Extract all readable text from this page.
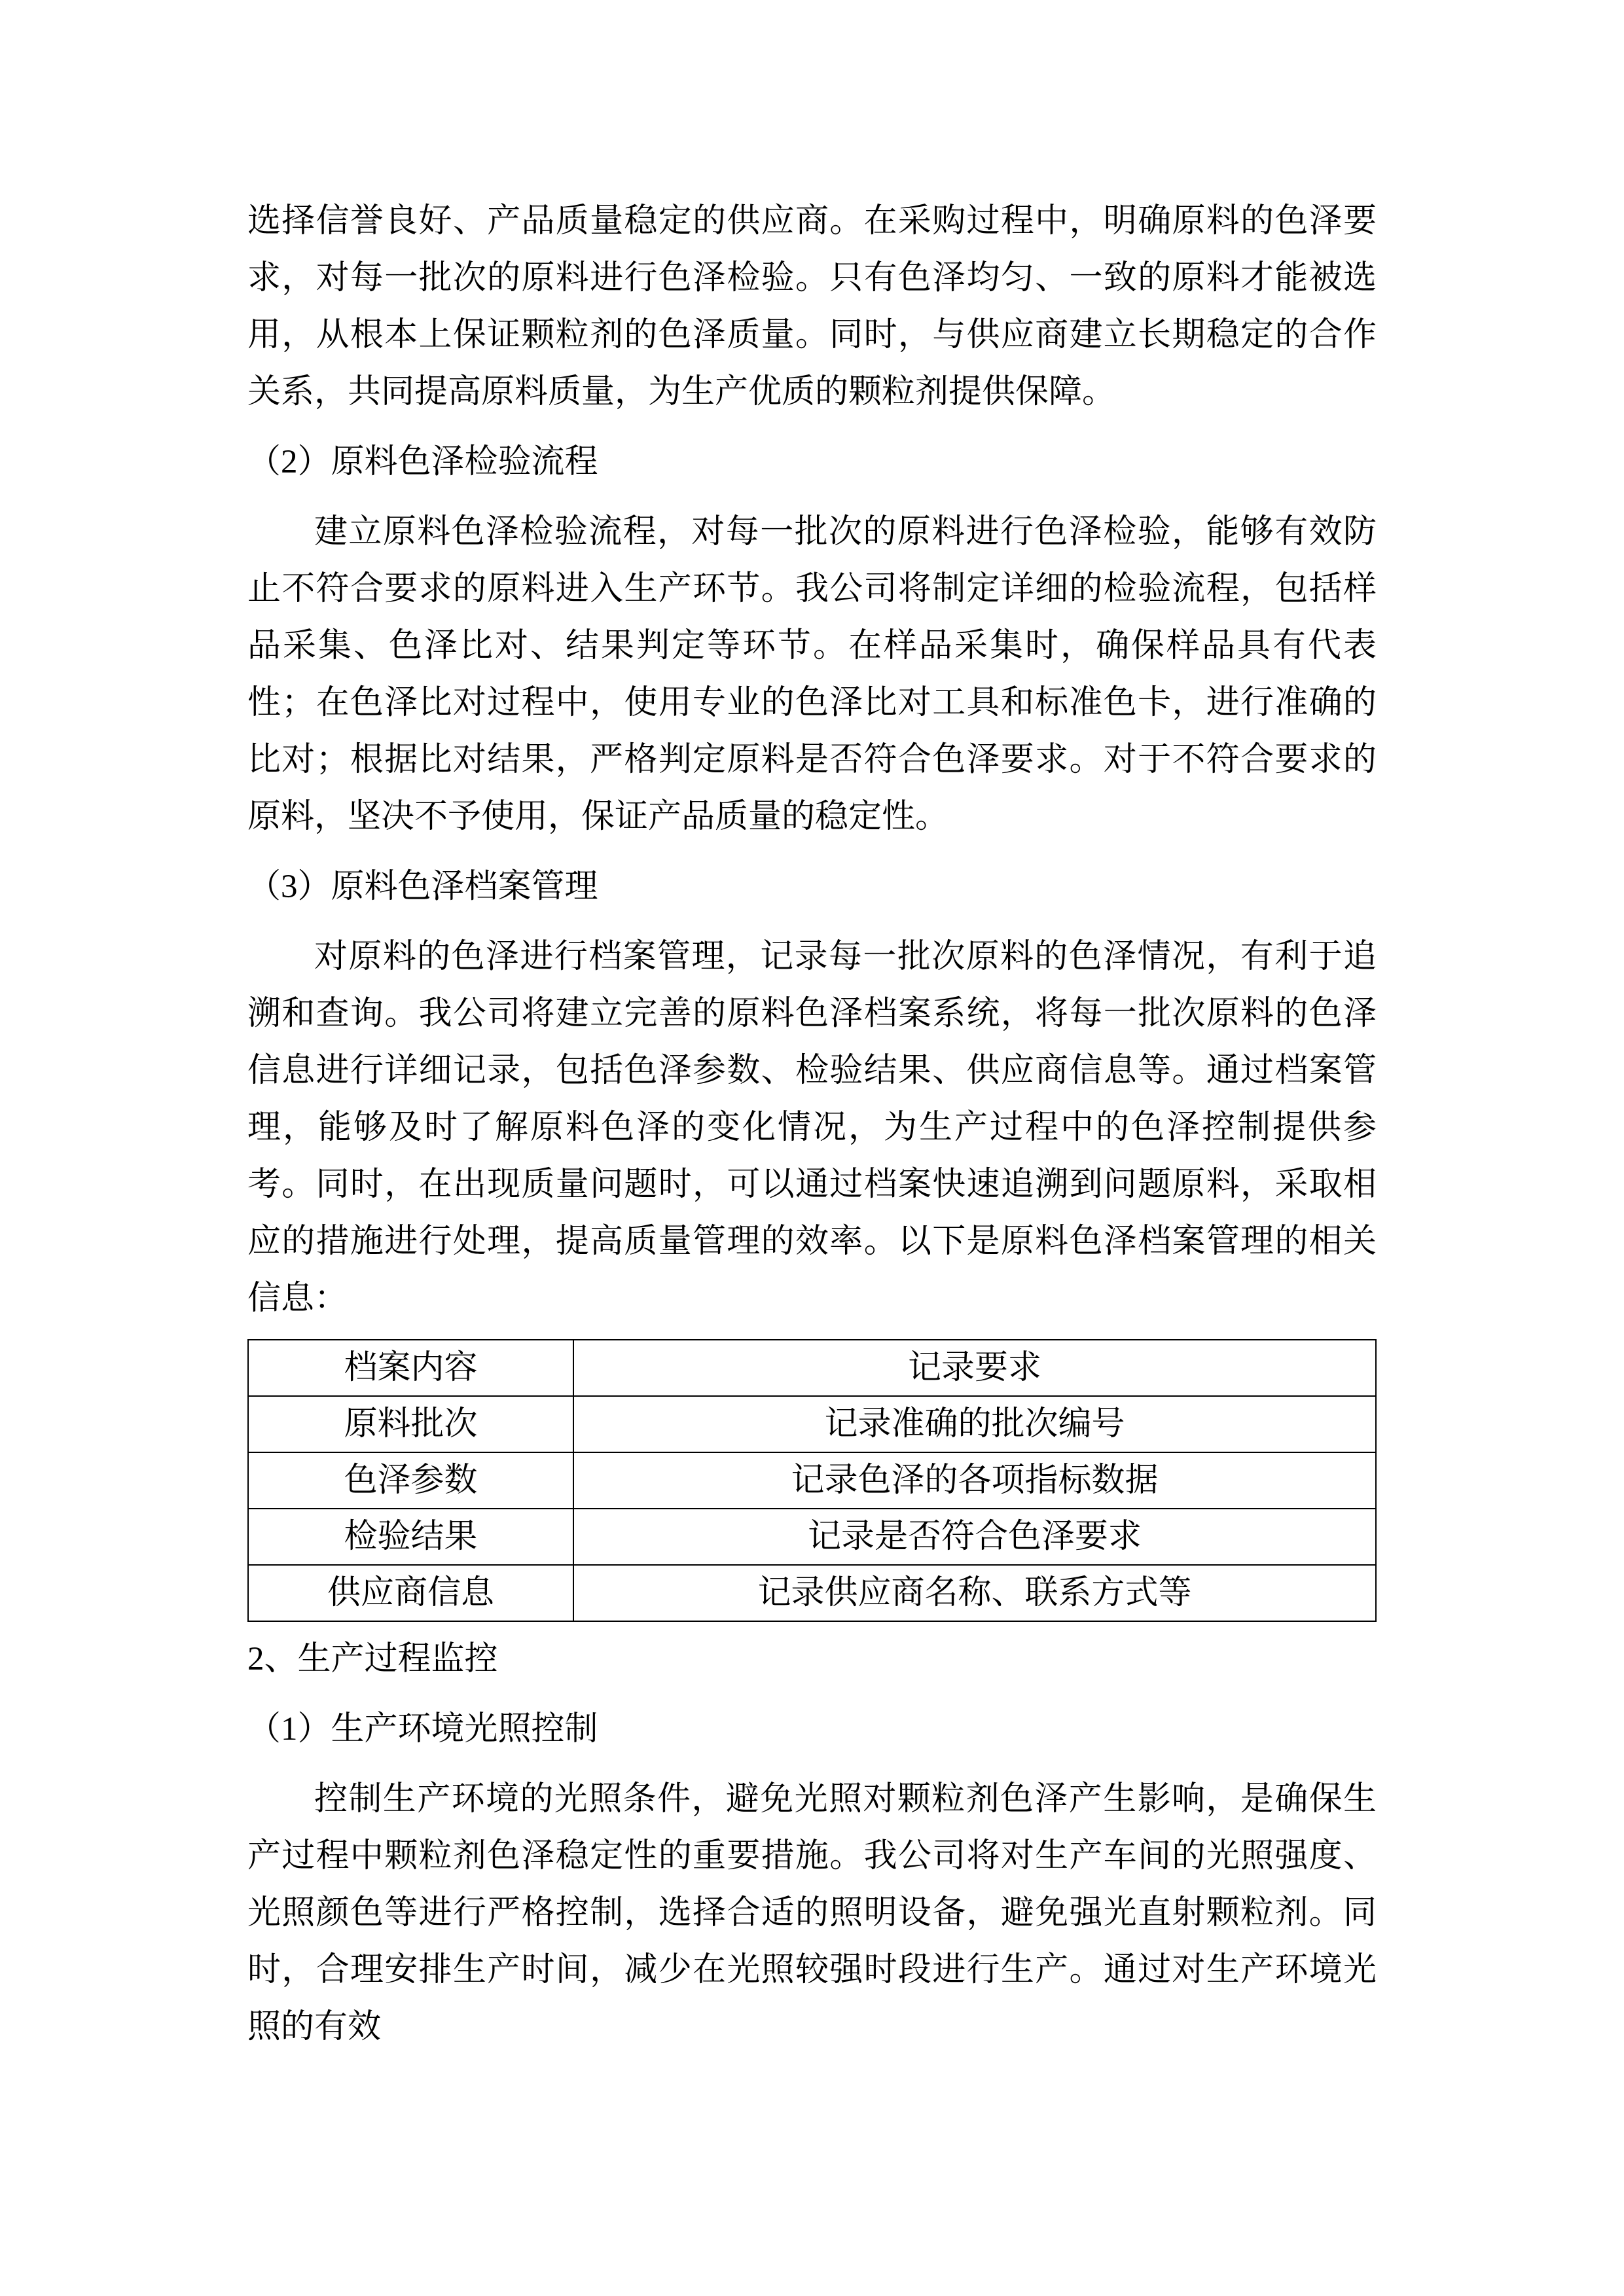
选择信誉良好、产品质量稳定的供应商。在采购过程中，明确原料的色泽要求，对每一批次的原料进行色泽检验。只有色泽均匀、一致的原料才能被选用，从根本上保证颗粒剂的色泽质量。同时，与供应商建立长期稳定的合作关系，共同提高原料质量，为生产优质的颗粒剂提供保障。

（2）原料色泽检验流程

建立原料色泽检验流程，对每一批次的原料进行色泽检验，能够有效防止不符合要求的原料进入生产环节。我公司将制定详细的检验流程，包括样品采集、色泽比对、结果判定等环节。在样品采集时，确保样品具有代表性；在色泽比对过程中，使用专业的色泽比对工具和标准色卡，进行准确的比对；根据比对结果，严格判定原料是否符合色泽要求。对于不符合要求的原料，坚决不予使用，保证产品质量的稳定性。

（3）原料色泽档案管理

对原料的色泽进行档案管理，记录每一批次原料的色泽情况，有利于追溯和查询。我公司将建立完善的原料色泽档案系统，将每一批次原料的色泽信息进行详细记录，包括色泽参数、检验结果、供应商信息等。通过档案管理，能够及时了解原料色泽的变化情况，为生产过程中的色泽控制提供参考。同时，在出现质量问题时，可以通过档案快速追溯到问题原料，采取相应的措施进行处理，提高质量管理的效率。以下是原料色泽档案管理的相关信息：

档案内容	记录要求
原料批次	记录准确的批次编号
色泽参数	记录色泽的各项指标数据
检验结果	记录是否符合色泽要求
供应商信息	记录供应商名称、联系方式等

2、生产过程监控

（1）生产环境光照控制

控制生产环境的光照条件，避免光照对颗粒剂色泽产生影响，是确保生产过程中颗粒剂色泽稳定性的重要措施。我公司将对生产车间的光照强度、光照颜色等进行严格控制，选择合适的照明设备，避免强光直射颗粒剂。同时，合理安排生产时间，减少在光照较强时段进行生产。通过对生产环境光照的有效
